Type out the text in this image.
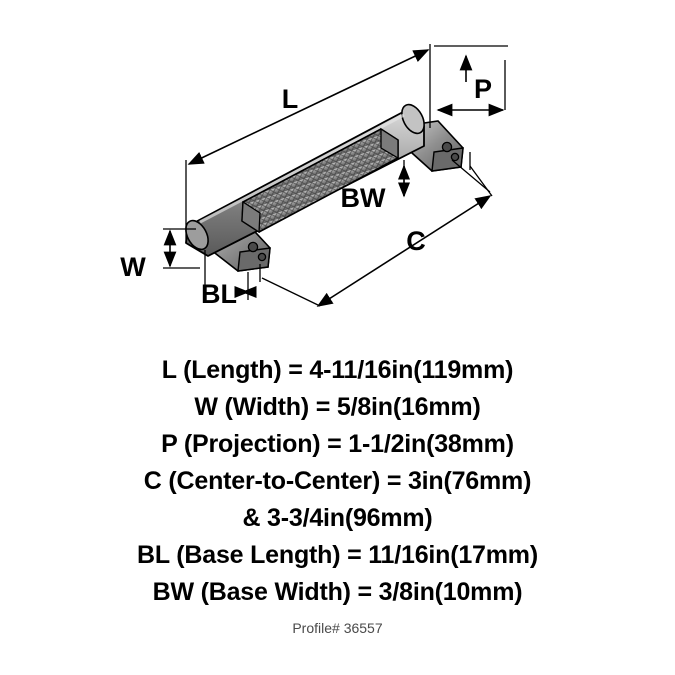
L	P
BW
W
BL
C
L (Length) = 4-11/16in(119mm)
W (Width) = 5/8in(16mm)
P (Projection) = 1-1/2in(38mm)
C (Center-to-Center) = 3in(76mm)
& 3-3/4in(96mm)
BL (Base Length) = 11/16in(17mm)
BW (Base Width) = 3/8in(10mm)
Profile# 36557
